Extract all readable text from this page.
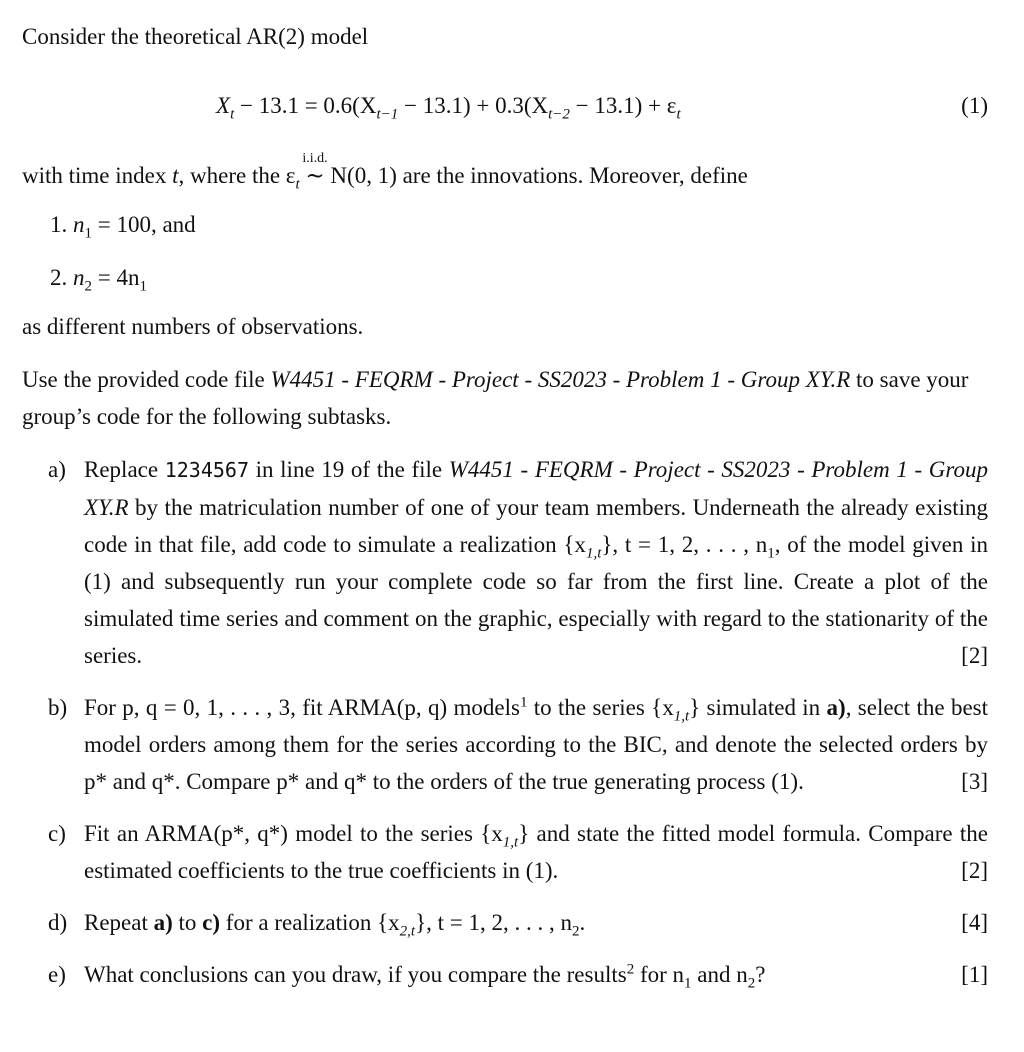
Consider the theoretical AR(2) model

$X_t - 13.1 = 0.6(X_{t-1} - 13.1) + 0.3(X_{t-2} - 13.1) + \varepsilon_t$	(1)

with time index t, where the $\varepsilon_t$
i.i.d.
∼ N(0, 1) are the innovations. Moreover, define

1. $n_1 = 100$, and
2. $n_2 = 4n_1$

as different numbers of observations.

Use the provided code file W4451 - FEQRM - Project - SS2023 - Problem 1 - Group XY.R to save your group’s code for the following subtasks.

a) Replace 1234567 in line 19 of the file W4451 - FEQRM - Project - SS2023 - Problem 1 - Group XY.R by the matriculation number of one of your team members. Underneath the already existing code in that file, add code to simulate a realization $\{x_{1,t}\}$, t = 1, 2, . . . , $n_1$, of the model given in (1) and subsequently run your complete code so far from the first line. Create a plot of the simulated time series and comment on the graphic, especially with regard to the stationarity of the series.	[2]
b) For p, q = 0, 1, . . . , 3, fit ARMA(p, q) models$^1$ to the series $\{x_{1,t}\}$ simulated in a), select the best model orders among them for the series according to the BIC, and denote the selected orders by p* and q*. Compare p* and q* to the orders of the true generating process (1).	[3]
c) Fit an ARMA(p*, q*) model to the series $\{x_{1,t}\}$ and state the fitted model formula. Compare the estimated coefficients to the true coefficients in (1).	[2]
d) Repeat a) to c) for a realization $\{x_{2,t}\}$, t = 1, 2, . . . , $n_2$.	[4]
e) What conclusions can you draw, if you compare the results$^2$ for $n_1$ and $n_2$?	[1]
